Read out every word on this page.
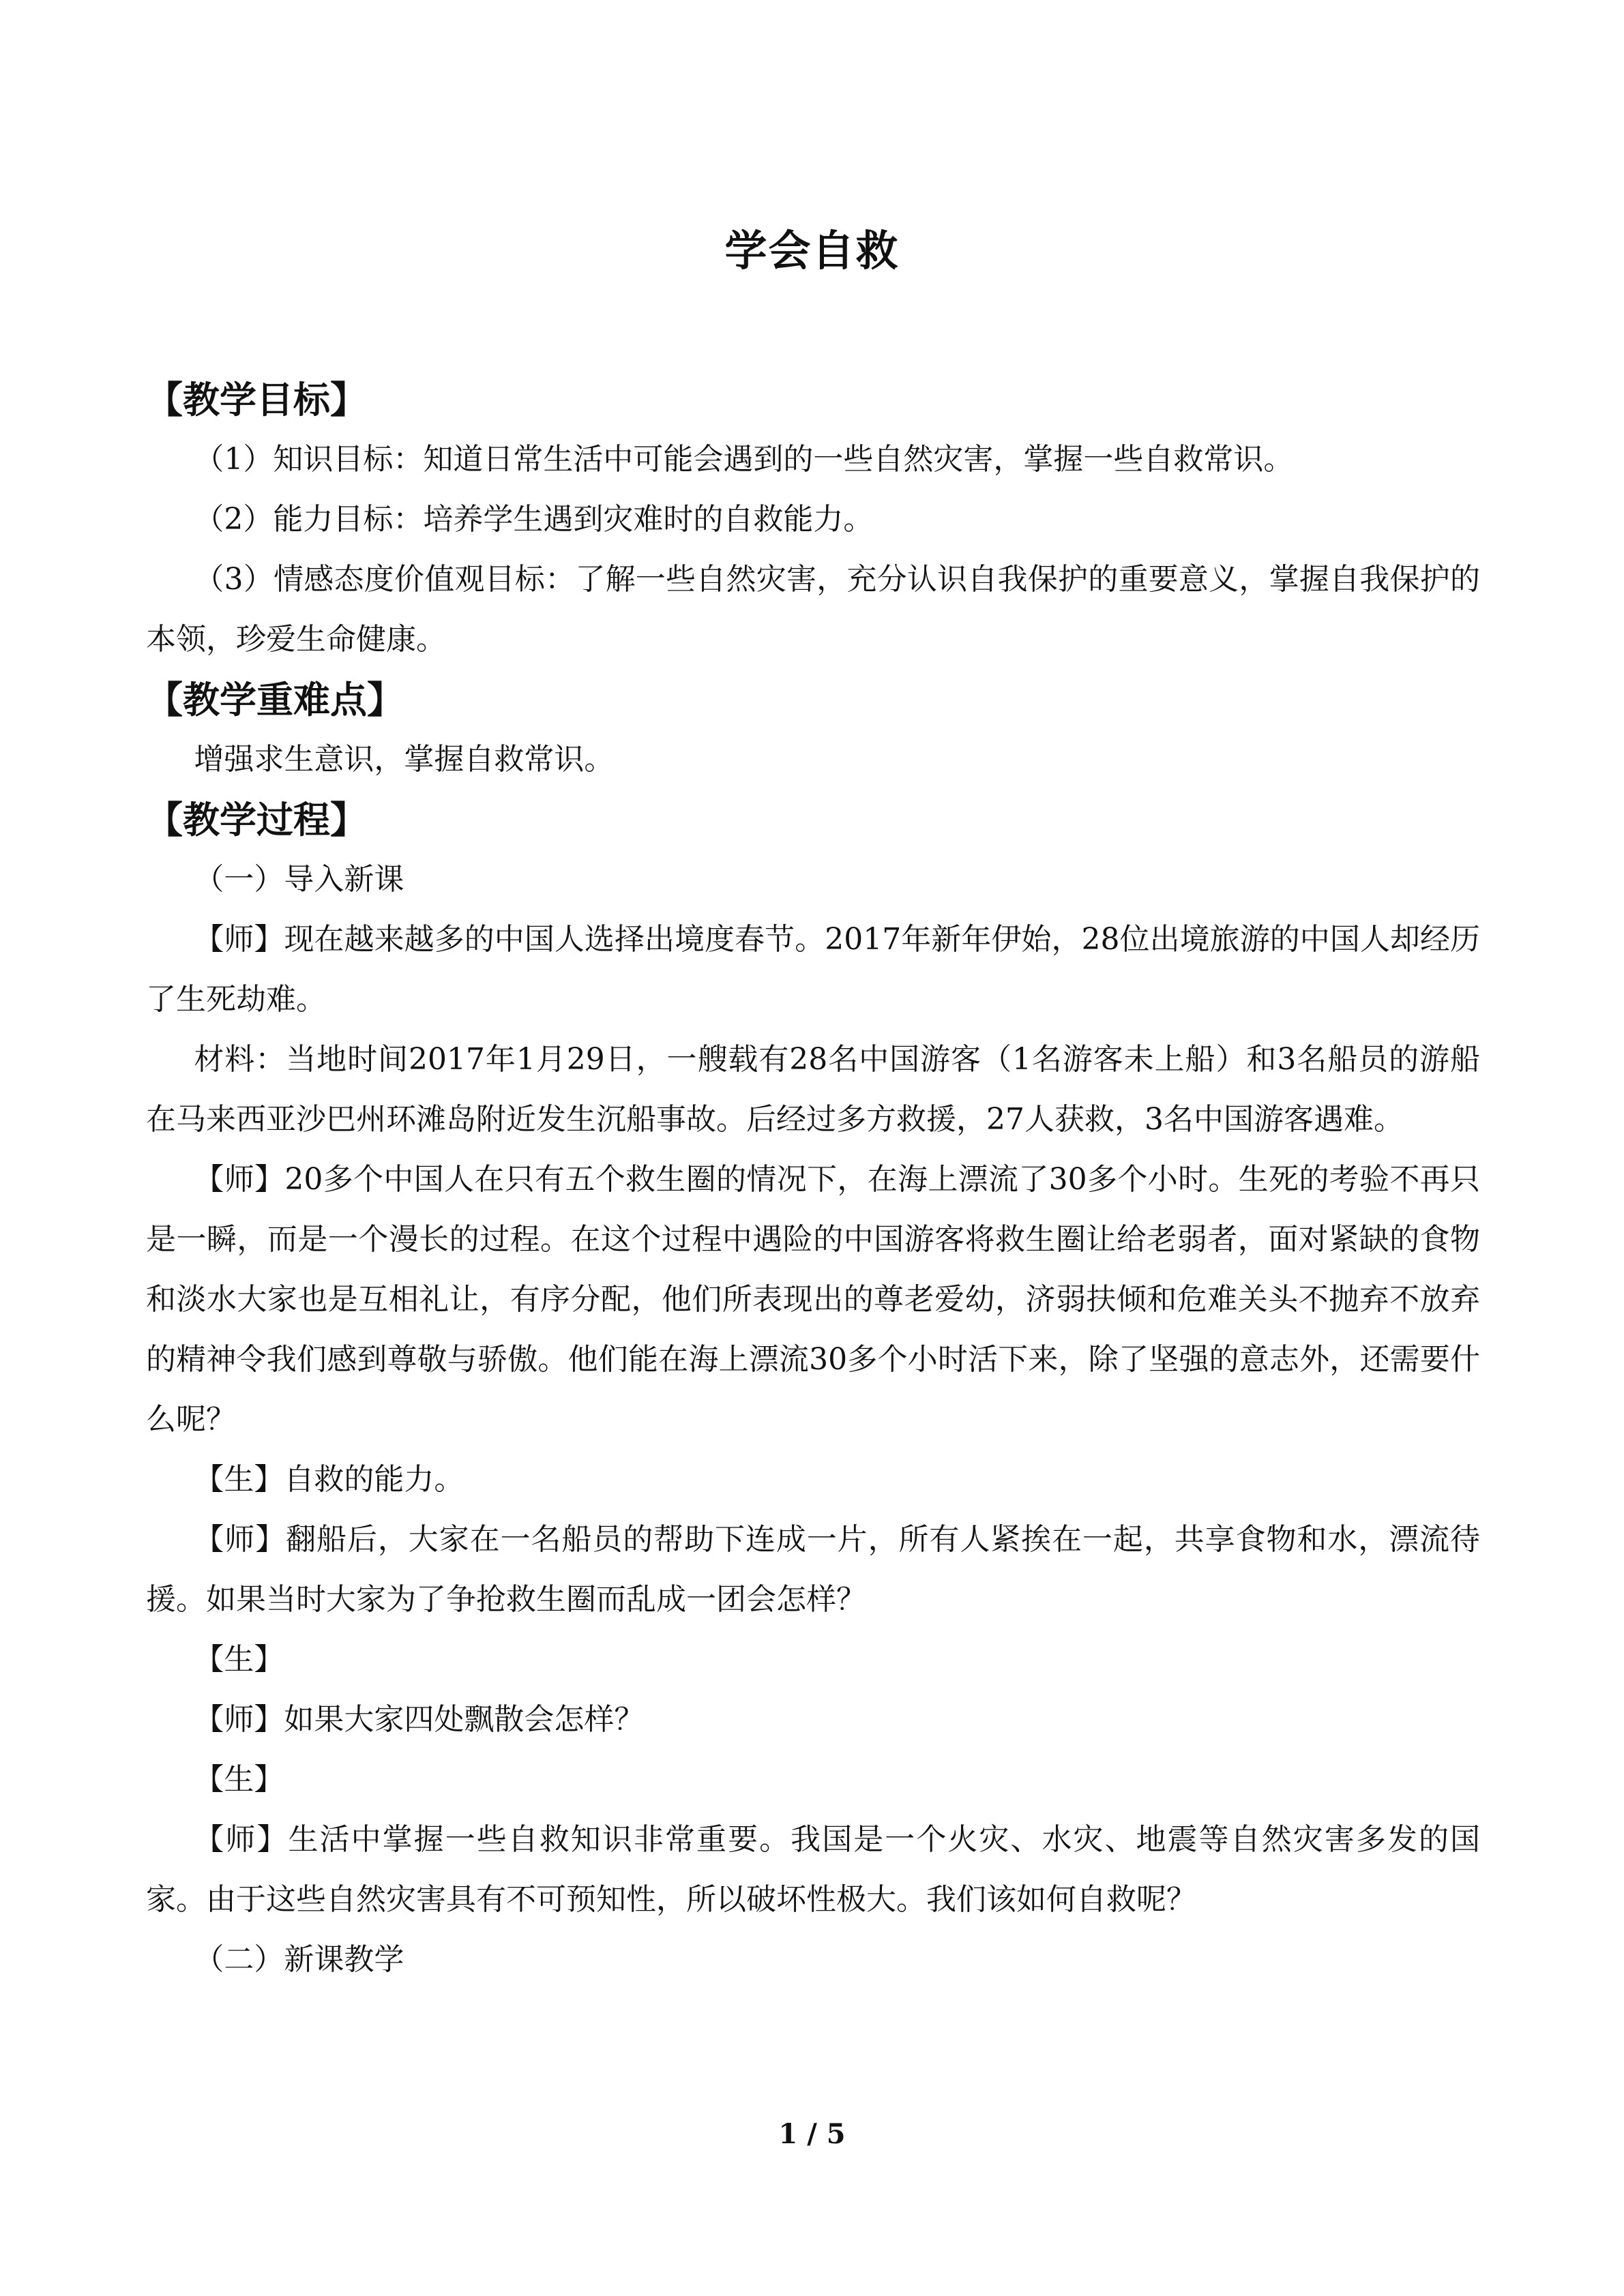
学会自救

【教学目标】

（1）知识目标：知道日常生活中可能会遇到的一些自然灾害，掌握一些自救常识。

（2）能力目标：培养学生遇到灾难时的自救能力。

（3）情感态度价值观目标：了解一些自然灾害，充分认识自我保护的重要意义，掌握自我保护的本领，珍爱生命健康。

【教学重难点】

增强求生意识，掌握自救常识。

【教学过程】

（一）导入新课

【师】现在越来越多的中国人选择出境度春节。2017年新年伊始，28位出境旅游的中国人却经历了生死劫难。

材料：当地时间2017年1月29日，一艘载有28名中国游客（1名游客未上船）和3名船员的游船在马来西亚沙巴州环滩岛附近发生沉船事故。后经过多方救援，27人获救，3名中国游客遇难。

【师】20多个中国人在只有五个救生圈的情况下，在海上漂流了30多个小时。生死的考验不再只是一瞬，而是一个漫长的过程。在这个过程中遇险的中国游客将救生圈让给老弱者，面对紧缺的食物和淡水大家也是互相礼让，有序分配，他们所表现出的尊老爱幼，济弱扶倾和危难关头不抛弃不放弃的精神令我们感到尊敬与骄傲。他们能在海上漂流30多个小时活下来，除了坚强的意志外，还需要什么呢？

【生】自救的能力。

【师】翻船后，大家在一名船员的帮助下连成一片，所有人紧挨在一起，共享食物和水，漂流待援。如果当时大家为了争抢救生圈而乱成一团会怎样？

【生】

【师】如果大家四处飘散会怎样？

【生】

【师】生活中掌握一些自救知识非常重要。我国是一个火灾、水灾、地震等自然灾害多发的国家。由于这些自然灾害具有不可预知性，所以破坏性极大。我们该如何自救呢？

（二）新课教学

1 / 5
